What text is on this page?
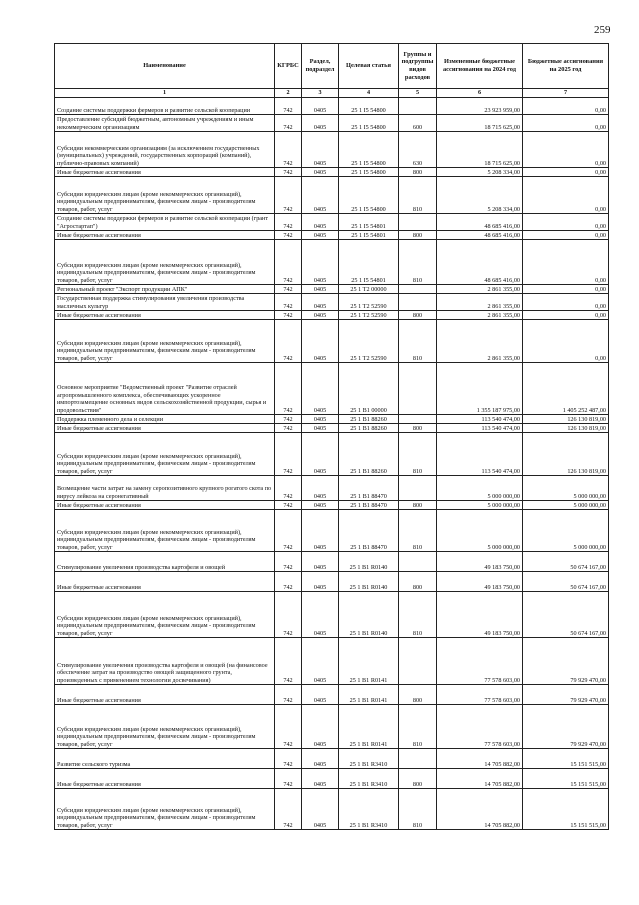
259
Наименование	КГРБС	Раздел, подраздел	Целевая статья	Группы и подгруппы видов расходов	Измененные бюджетные ассигнования на 2024 год	Бюджетные ассигнования на 2025 год
1	2	3	4	5	6	7
Создание системы поддержки фермеров и развитие сельской кооперации	742	0405	25 1 I5 54800		23 923 959,00	0,00
Предоставление субсидий бюджетным, автономным учреждениям и иным некоммерческим организациям	742	0405	25 1 I5 54800	600	18 715 625,00	0,00
Субсидии некоммерческим организациям (за исключением государственных (муниципальных) учреждений, государственных корпораций (компаний), публично-правовых компаний)	742	0405	25 1 I5 54800	630	18 715 625,00	0,00
Иные бюджетные ассигнования	742	0405	25 1 I5 54800	800	5 208 334,00	0,00
Субсидии юридическим лицам (кроме некоммерческих организаций), индивидуальным предпринимателям, физическим лицам - производителям товаров, работ, услуг	742	0405	25 1 I5 54800	810	5 208 334,00	0,00
Создание системы поддержки фермеров и развитие сельской кооперации (грант "Агростартап")	742	0405	25 1 I5 54801		48 685 416,00	0,00
Иные бюджетные ассигнования	742	0405	25 1 I5 54801	800	48 685 416,00	0,00
Субсидии юридическим лицам (кроме некоммерческих организаций), индивидуальным предпринимателям, физическим лицам - производителям товаров, работ, услуг	742	0405	25 1 I5 54801	810	48 685 416,00	0,00
Региональный проект "Экспорт продукции АПК"	742	0405	25 1 T2 00000		2 861 355,00	0,00
Государственная поддержка стимулирования увеличения производства масличных культур	742	0405	25 1 T2 52590		2 861 355,00	0,00
Иные бюджетные ассигнования	742	0405	25 1 T2 52590	800	2 861 355,00	0,00
Субсидии юридическим лицам (кроме некоммерческих организаций), индивидуальным предпринимателям, физическим лицам - производителям товаров, работ, услуг	742	0405	25 1 T2 52590	810	2 861 355,00	0,00
Основное мероприятие "Ведомственный проект "Развитие отраслей агропромышленного комплекса, обеспечивающих ускоренное импортозамещение основных видов сельскохозяйственной продукции, сырья и продовольствия"	742	0405	25 1 B1 00000		1 355 187 975,00	1 405 252 487,00
Поддержка племенного дела и селекции	742	0405	25 1 B1 88260		113 540 474,00	126 130 819,00
Иные бюджетные ассигнования	742	0405	25 1 B1 88260	800	113 540 474,00	126 130 819,00
Субсидии юридическим лицам (кроме некоммерческих организаций), индивидуальным предпринимателям, физическим лицам - производителям товаров, работ, услуг	742	0405	25 1 B1 88260	810	113 540 474,00	126 130 819,00
Возмещение части затрат на замену серопозитивного крупного рогатого скота по вирусу лейкоза на серонегативный	742	0405	25 1 B1 88470		5 000 000,00	5 000 000,00
Иные бюджетные ассигнования	742	0405	25 1 B1 88470	800	5 000 000,00	5 000 000,00
Субсидии юридическим лицам (кроме некоммерческих организаций), индивидуальным предпринимателям, физическим лицам - производителям товаров, работ, услуг	742	0405	25 1 B1 88470	810	5 000 000,00	5 000 000,00
Стимулирование увеличения производства картофеля и овощей	742	0405	25 1 B1 R0140		49 183 750,00	50 674 167,00
Иные бюджетные ассигнования	742	0405	25 1 B1 R0140	800	49 183 750,00	50 674 167,00
Субсидии юридическим лицам (кроме некоммерческих организаций), индивидуальным предпринимателям, физическим лицам - производителям товаров, работ, услуг	742	0405	25 1 B1 R0140	810	49 183 750,00	50 674 167,00
Стимулирование увеличения производства картофеля и овощей (на финансовое обеспечение затрат на производство овощей защищенного грунта, произведенных с применением технологии досвечивания)	742	0405	25 1 B1 R0141		77 578 603,00	79 929 470,00
Иные бюджетные ассигнования	742	0405	25 1 B1 R0141	800	77 578 603,00	79 929 470,00
Субсидии юридическим лицам (кроме некоммерческих организаций), индивидуальным предпринимателям, физическим лицам - производителям товаров, работ, услуг	742	0405	25 1 B1 R0141	810	77 578 603,00	79 929 470,00
Развитие сельского туризма	742	0405	25 1 B1 R3410		14 705 882,00	15 151 515,00
Иные бюджетные ассигнования	742	0405	25 1 B1 R3410	800	14 705 882,00	15 151 515,00
Субсидии юридическим лицам (кроме некоммерческих организаций), индивидуальным предпринимателям, физическим лицам - производителям товаров, работ, услуг	742	0405	25 1 B1 R3410	810	14 705 882,00	15 151 515,00
